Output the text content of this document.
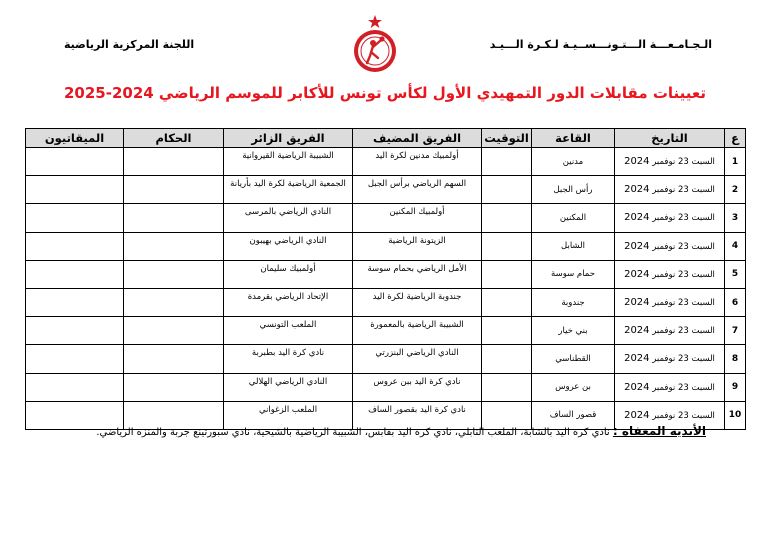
الـجـامـعـــة الـــتـونـــســيـة لـكـرة الـــيـد
اللجنة المركزية الرياضية
تعيينات مقابلات الدور التمهيدي الأول لكأس تونس للأكابر للموسم الرياضي 2024-2025
ع	التاريخ	القاعة	التوقيت	الفريق المضيف	الفريق الزائر	الحكام	الميقاتيون
1	السبت 23 نوفمبر 2024	مدنين		أولمبيك مدنين لكرة اليد	الشبيبة الرياضية القيروانية		
2	السبت 23 نوفمبر 2024	رأس الجبل		السهم الرياضي برأس الجبل	الجمعية الرياضية لكرة اليد بأريانة		
3	السبت 23 نوفمبر 2024	المكنين		أولمبيك المكنين	النادي الرياضي بالمرسى		
4	السبت 23 نوفمبر 2024	الشابل		الزيتونة الرياضية	النادي الرياضي بهيبون		
5	السبت 23 نوفمبر 2024	حمام سوسة		الأمل الرياضي بحمام سوسة	أولمبيك سليمان		
6	السبت 23 نوفمبر 2024	جندوبة		جندوبة الرياضية لكرة اليد	الإتحاد الرياضي بقرمدة		
7	السبت 23 نوفمبر 2024	بني خيار		الشبيبة الرياضية بالمعمورة	الملعب التونسي		
8	السبت 23 نوفمبر 2024	القطناسي		النادي الرياضي البنزرتي	نادي كرة اليد بطبربة		
9	السبت 23 نوفمبر 2024	بن عروس		نادي كرة اليد ببن عروس	النادي الرياضي الهلالي		
10	السبت 23 نوفمبر 2024	قصور الساف		نادي كرة اليد بقصور الساف	الملعب الزغواني		
الأندية المعفاة : نادي كرة اليد بالشابة، الملعب النابلي، نادي كرة اليد بقابس، الشبيبة الرياضية بالشيحية، نادي سبورتينغ جربة والمنزه الرياضي.
